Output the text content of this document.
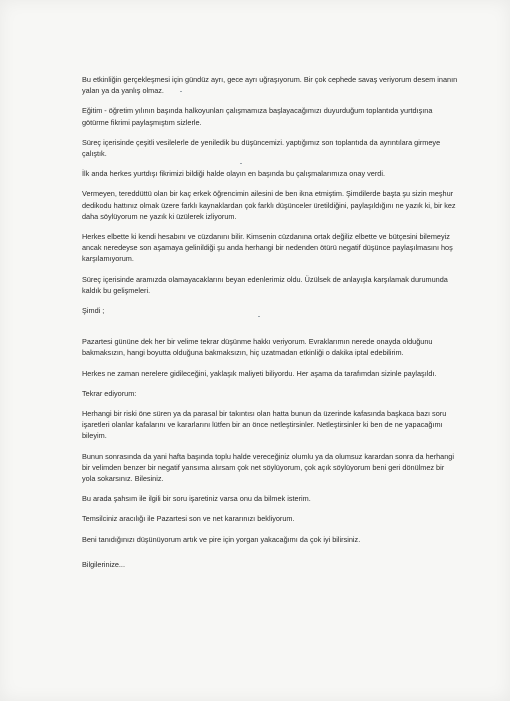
Bu etkinliğin gerçekleşmesi için gündüz ayrı, gece ayrı uğraşıyorum. Bir çok cephede savaş veriyorum desem inanın yalan ya da yanlış olmaz.

Eğitim - öğretim yılının başında halkoyunları çalışmamıza başlayacağımızı duyurduğum toplantıda yurtdışına götürme fikrimi paylaşmıştım sizlerle.

Süreç içerisinde çeşitli vesilelerle de yeniledik bu düşüncemizi. yaptığımız son toplantıda da ayrıntılara girmeye çalıştık.

İlk anda herkes yurtdışı fikrimizi bildiği halde olayın en başında bu çalışmalarımıza onay verdi.

Vermeyen, tereddüttü olan bir kaç erkek öğrencimin ailesini de ben ikna etmiştim. Şimdilerde başta şu sizin meşhur dedikodu hattınız olmak üzere farklı kaynaklardan çok farklı düşünceler üretildiğini, paylaşıldığını ne yazık ki, bir kez daha söylüyorum ne yazık ki üzülerek izliyorum.

Herkes elbette ki kendi hesabını ve cüzdanını bilir. Kimsenin cüzdanına ortak değiliz elbette ve bütçesini bilemeyiz ancak neredeyse son aşamaya gelinildiği şu anda herhangi bir nedenden ötürü negatif düşünce paylaşılmasını hoş karşılamıyorum.

Süreç içerisinde aramızda olamayacaklarını beyan edenlerimiz oldu. Üzülsek de anlayışla karşılamak durumunda kaldık bu gelişmeleri.

Şimdi ;

Pazartesi gününe dek her bir velime tekrar düşünme hakkı veriyorum. Evraklarımın nerede onayda olduğunu bakmaksızın, hangi boyutta olduğuna bakmaksızın, hiç uzatmadan etkinliği o dakika iptal edebilirim.

Herkes ne zaman nerelere gidileceğini, yaklaşık maliyeti biliyordu. Her aşama da tarafımdan sizinle paylaşıldı.

Tekrar ediyorum:

Herhangi bir riski öne süren ya da parasal bir takıntısı olan hatta bunun da üzerinde kafasında başkaca bazı soru işaretleri olanlar kafalarını ve kararlarını lütfen bir an önce netleştirsinler. Netleştirsinler ki ben de ne yapacağımı bileyim.

Bunun sonrasında da yani hafta başında toplu halde vereceğiniz olumlu ya da olumsuz karardan sonra da herhangi bir velimden benzer bir negatif yansıma alırsam çok net söylüyorum, çok açık söylüyorum beni geri dönülmez bir yola sokarsınız. Bilesiniz.

Bu arada şahsım ile ilgili bir soru işaretiniz varsa onu da bilmek isterim.

Temsilciniz aracılığı ile Pazartesi son ve net kararınızı bekliyorum.

Beni tanıdığınızı düşünüyorum artık ve pire için yorgan yakacağımı da çok iyi bilirsiniz.

Bilgilerinize...
